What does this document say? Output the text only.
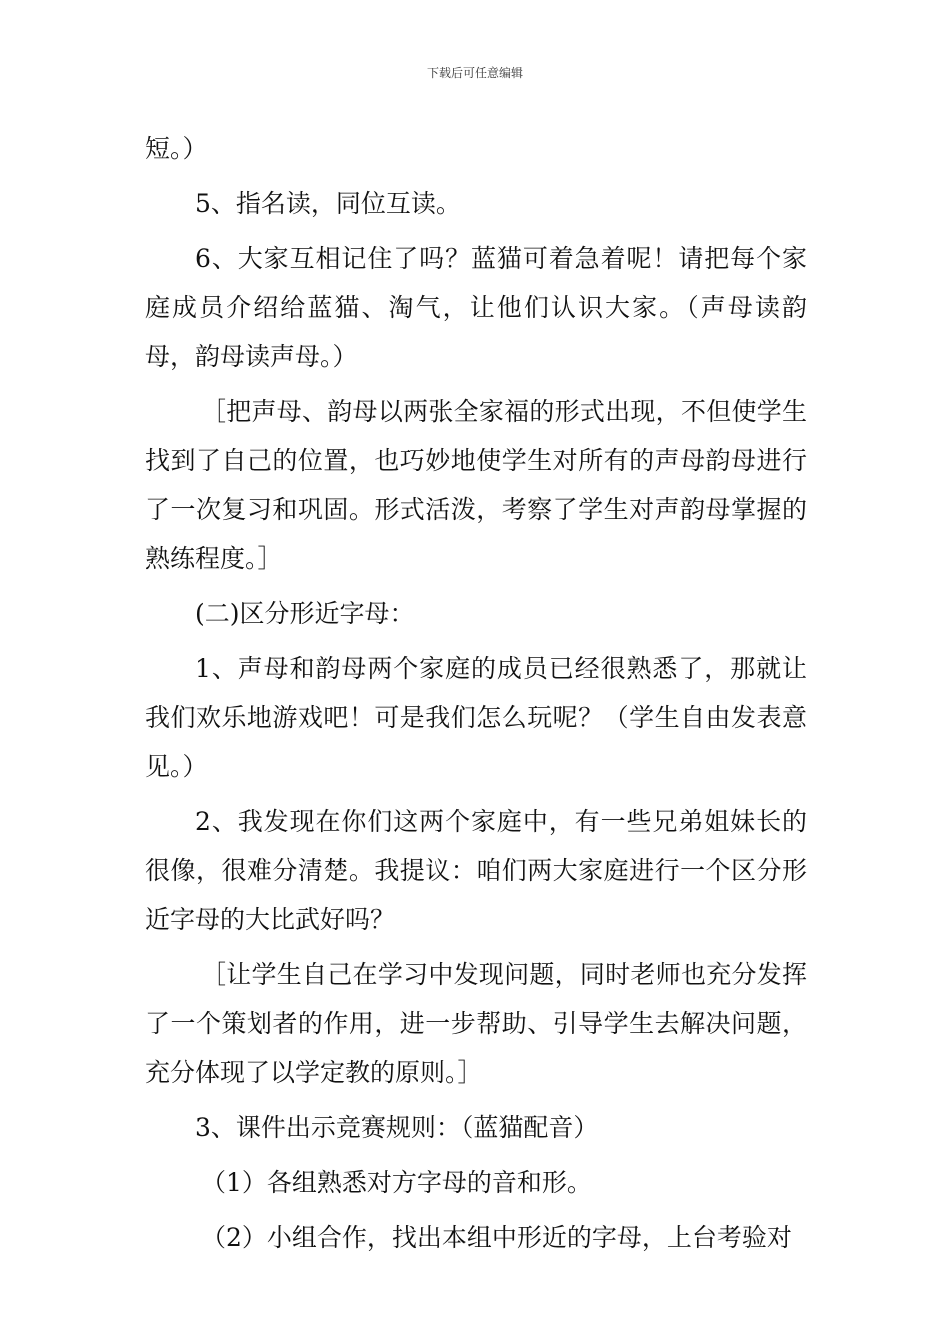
下载后可任意编辑

短。）

5、指名读，同位互读。

6、大家互相记住了吗？蓝猫可着急着呢！请把每个家庭成员介绍给蓝猫、淘气，让他们认识大家。（声母读韵母，韵母读声母。）

［把声母、韵母以两张全家福的形式出现，不但使学生找到了自己的位置，也巧妙地使学生对所有的声母韵母进行了一次复习和巩固。形式活泼，考察了学生对声韵母掌握的熟练程度。］

(二)区分形近字母：

1、声母和韵母两个家庭的成员已经很熟悉了，那就让我们欢乐地游戏吧！可是我们怎么玩呢？（学生自由发表意见。）

2、我发现在你们这两个家庭中，有一些兄弟姐妹长的很像，很难分清楚。我提议：咱们两大家庭进行一个区分形近字母的大比武好吗？

［让学生自己在学习中发现问题，同时老师也充分发挥了一个策划者的作用，进一步帮助、引导学生去解决问题，充分体现了以学定教的原则。］

3、课件出示竞赛规则：（蓝猫配音）

（1）各组熟悉对方字母的音和形。

（2）小组合作，找出本组中形近的字母，上台考验对
